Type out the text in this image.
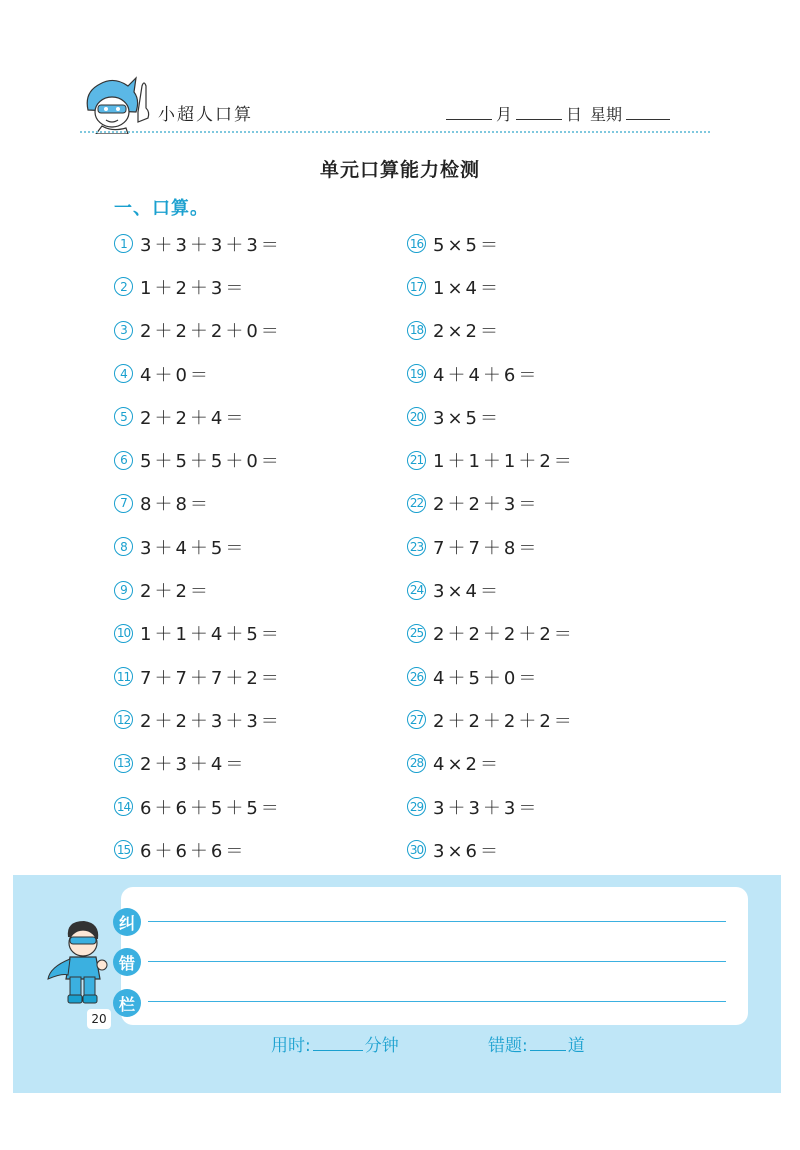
小超人口算	月	日 星期
单元口算能力检测
一、口算。
1 3＋3＋3＋3＝
2 1＋2＋3＝
3 2＋2＋2＋0＝
4 4＋0＝
5 2＋2＋4＝
6 5＋5＋5＋0＝
7 8＋8＝
8 3＋4＋5＝
9 2＋2＝
10 1＋1＋4＋5＝
11 7＋7＋7＋2＝
12 2＋2＋3＋3＝
13 2＋3＋4＝
14 6＋6＋5＋5＝
15 6＋6＋6＝
16 5×5＝
17 1×4＝
18 2×2＝
19 4＋4＋6＝
20 3×5＝
21 1＋1＋1＋2＝
22 2＋2＋3＝
23 7＋7＋8＝
24 3×4＝
25 2＋2＋2＋2＝
26 4＋5＋0＝
27 2＋2＋2＋2＝
28 4×2＝
29 3＋3＋3＝
30 3×6＝
纠
错
栏
20
用时:	分钟	错题: 道
